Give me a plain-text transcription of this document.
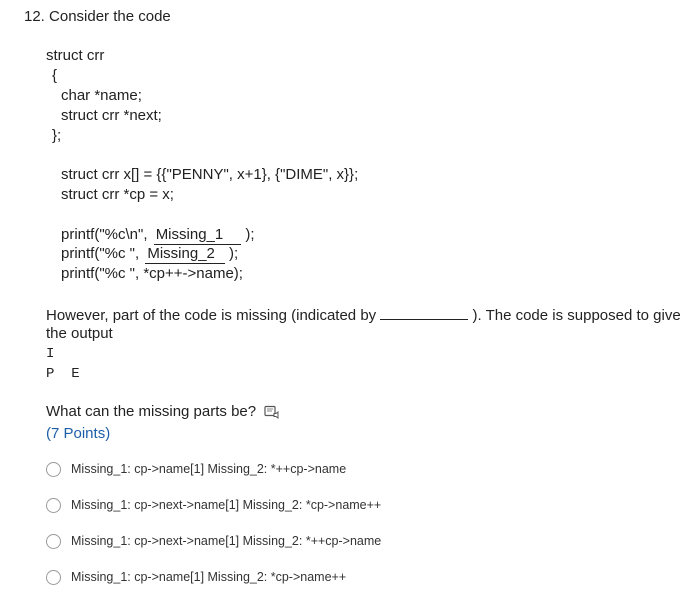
12. Consider the code
struct crr
{
char *name;
struct crr *next;
};
struct crr x[] = {{"PENNY", x+1}, {"DIME", x}};
struct crr *cp = x;
printf("%c\n", Missing_1 );
printf("%c ", Missing_2 );
printf("%c ", *cp++->name);
However, part of the code is missing (indicated by	). The code is supposed to give
the output
I
P  E
What can the missing parts be?
(7 Points)
Missing_1: cp->name[1] Missing_2: *++cp->name
Missing_1: cp->next->name[1] Missing_2: *cp->name++
Missing_1: cp->next->name[1] Missing_2: *++cp->name
Missing_1: cp->name[1] Missing_2: *cp->name++
